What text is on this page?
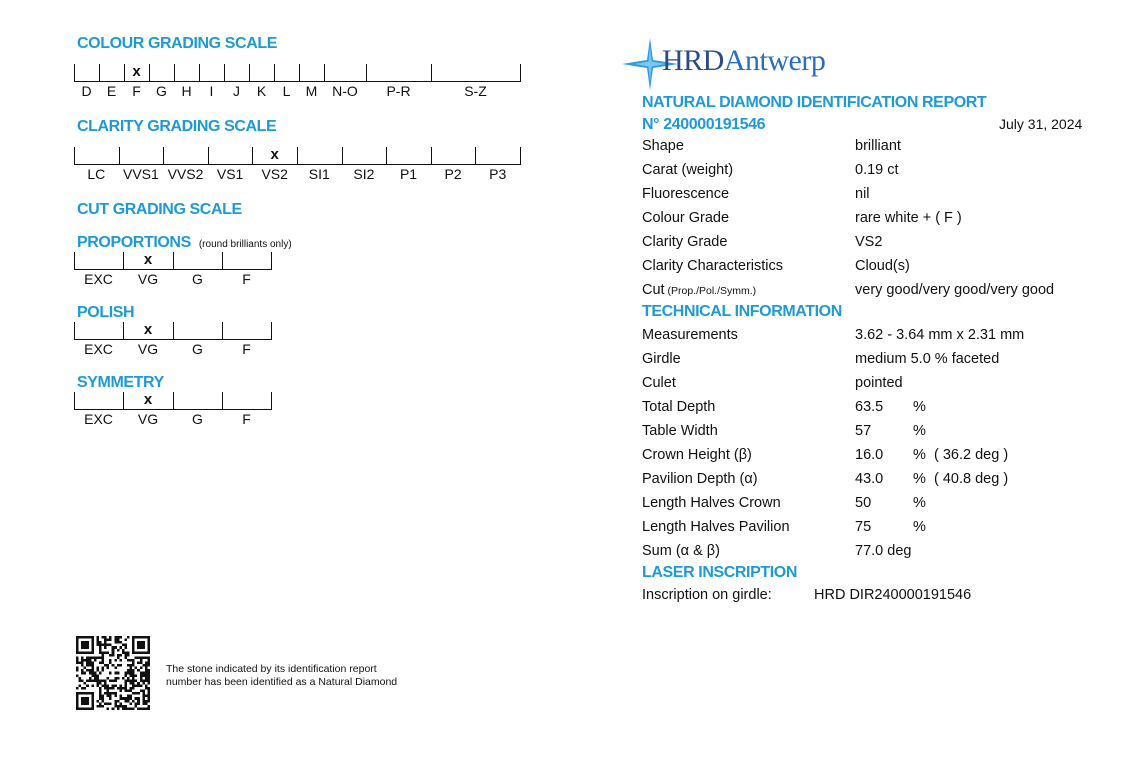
COLOUR GRADING SCALE
D E F
x
G H I J K L M N-O P-R	S-Z
CLARITY GRADING SCALE
LC VVS1 VVS2 VS1 VS2
x
SI1 SI2 P1 P2 P3
CUT GRADING SCALE
PROPORTIONS (round brilliants only)
EXC VG
x
G	F
POLISH
EXC VG
x
G	F
SYMMETRY
EXC VG
x
G	F
HRDAntwerp
NATURAL DIAMOND IDENTIFICATION REPORT
N° 240000191546	July 31, 2024
Shape	brilliant
Carat (weight)	0.19 ct
Fluorescence	nil
Colour Grade	rare white + ( F )
Clarity Grade	VS2
Clarity Characteristics	Cloud(s)
Cut (Prop./Pol./Symm.)	very good/very good/very good
TECHNICAL INFORMATION
Measurements	3.62 - 3.64 mm x 2.31 mm
Girdle	medium 5.0 % faceted
Culet	pointed
Total Depth	63.5 %
Table Width	57	%
Crown Height (β)	16.0 % ( 36.2 deg )
Pavilion Depth (α)	43.0 % ( 40.8 deg )
Length Halves Crown	50	%
Length Halves Pavilion	75	%
Sum (α & β)	77.0 deg
LASER INSCRIPTION
Inscription on girdle:	HRD DIR240000191546
The stone indicated by its identification report number has been identified as a Natural Diamond
